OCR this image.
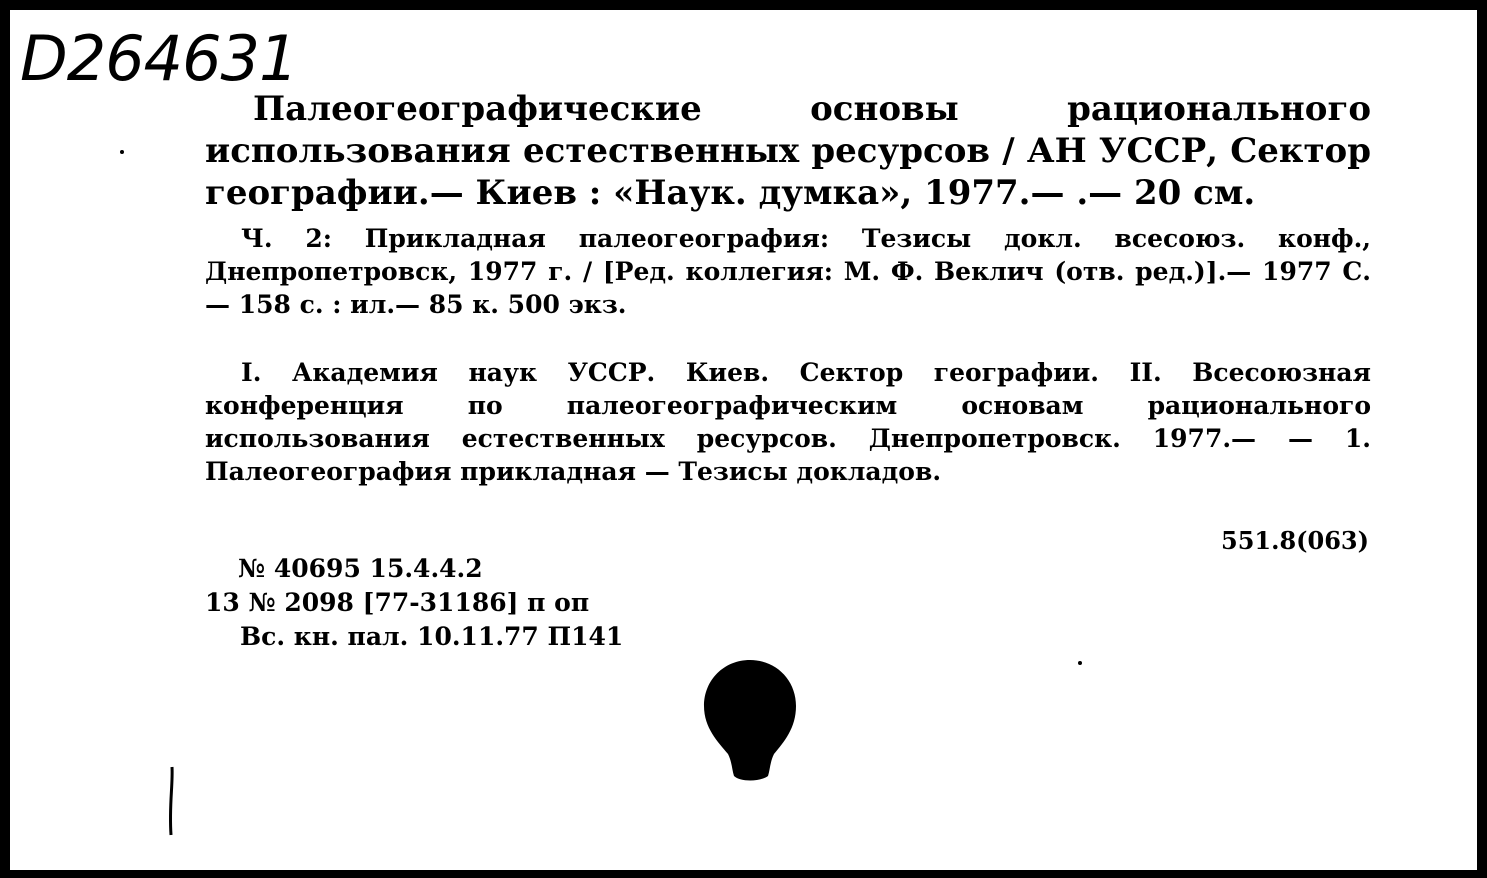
D264631

Палеогеографические основы рационального использования естественных ресурсов / АН УССР, Сектор географии.— Киев : «Наук. думка», 1977.— .— 20 см.

Ч. 2: Прикладная палеогеография: Тезисы докл. всесоюз. конф., Днепропетровск, 1977 г. / [Ред. коллегия: М. Ф. Веклич (отв. ред.)].— 1977 С.— 158 с. : ил.— 85 к. 500 экз.

I. Академия наук УССР. Киев. Сектор географии. II. Всесоюзная конференция по палеогеографическим основам рационального использования естественных ресурсов. Днепропетровск. 1977.— — 1. Палеогеография прикладная — Тезисы докладов.

551.8(063)

№ 40695 15.4.4.2

13 № 2098 [77-31186] п оп

Вс. кн. пал. 10.11.77 П141
